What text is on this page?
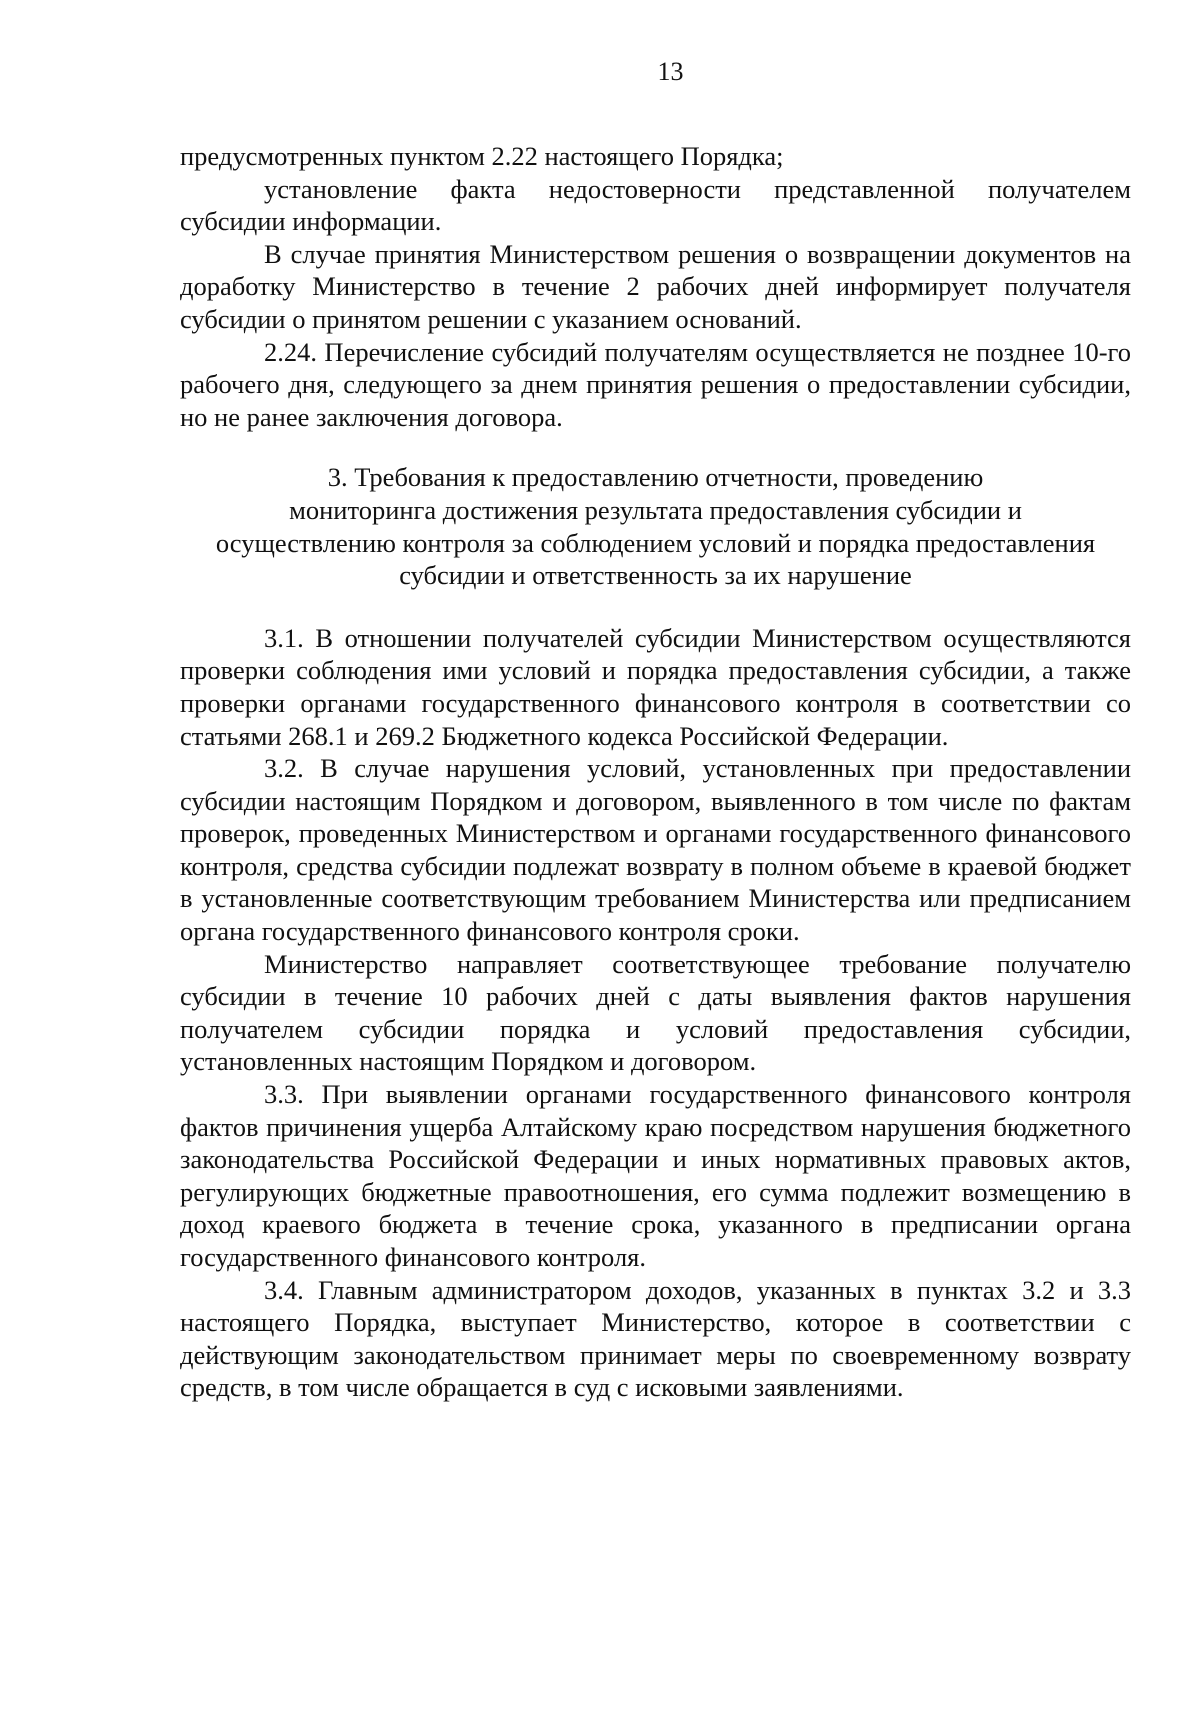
13

предусмотренных пунктом 2.22 настоящего Порядка;

установление факта недостоверности представленной получателем субсидии информации.

В случае принятия Министерством решения о возвращении документов на доработку Министерство в течение 2 рабочих дней информирует получателя субсидии о принятом решении с указанием оснований.

2.24. Перечисление субсидий получателям осуществляется не позднее 10-го рабочего дня, следующего за днем принятия решения о предоставлении субсидии, но не ранее заключения договора.

3. Требования к предоставлению отчетности, проведению
мониторинга достижения результата предоставления субсидии и
осуществлению контроля за соблюдением условий и порядка предоставления
субсидии и ответственность за их нарушение

3.1. В отношении получателей субсидии Министерством осуществляются проверки соблюдения ими условий и порядка предоставления субсидии, а также проверки органами государственного финансового контроля в соответствии со статьями 268.1 и 269.2 Бюджетного кодекса Российской Федерации.

3.2. В случае нарушения условий, установленных при предоставлении субсидии настоящим Порядком и договором, выявленного в том числе по фактам проверок, проведенных Министерством и органами государственного финансового контроля, средства субсидии подлежат возврату в полном объеме в краевой бюджет в установленные соответствующим требованием Министерства или предписанием органа государственного финансового контроля сроки.

Министерство направляет соответствующее требование получателю субсидии в течение 10 рабочих дней с даты выявления фактов нарушения получателем субсидии порядка и условий предоставления субсидии, установленных настоящим Порядком и договором.

3.3. При выявлении органами государственного финансового контроля фактов причинения ущерба Алтайскому краю посредством нарушения бюджетного законодательства Российской Федерации и иных нормативных правовых актов, регулирующих бюджетные правоотношения, его сумма подлежит возмещению в доход краевого бюджета в течение срока, указанного в предписании органа государственного финансового контроля.

3.4. Главным администратором доходов, указанных в пунктах 3.2 и 3.3 настоящего Порядка, выступает Министерство, которое в соответствии с действующим законодательством принимает меры по своевременному возврату средств, в том числе обращается в суд с исковыми заявлениями.
